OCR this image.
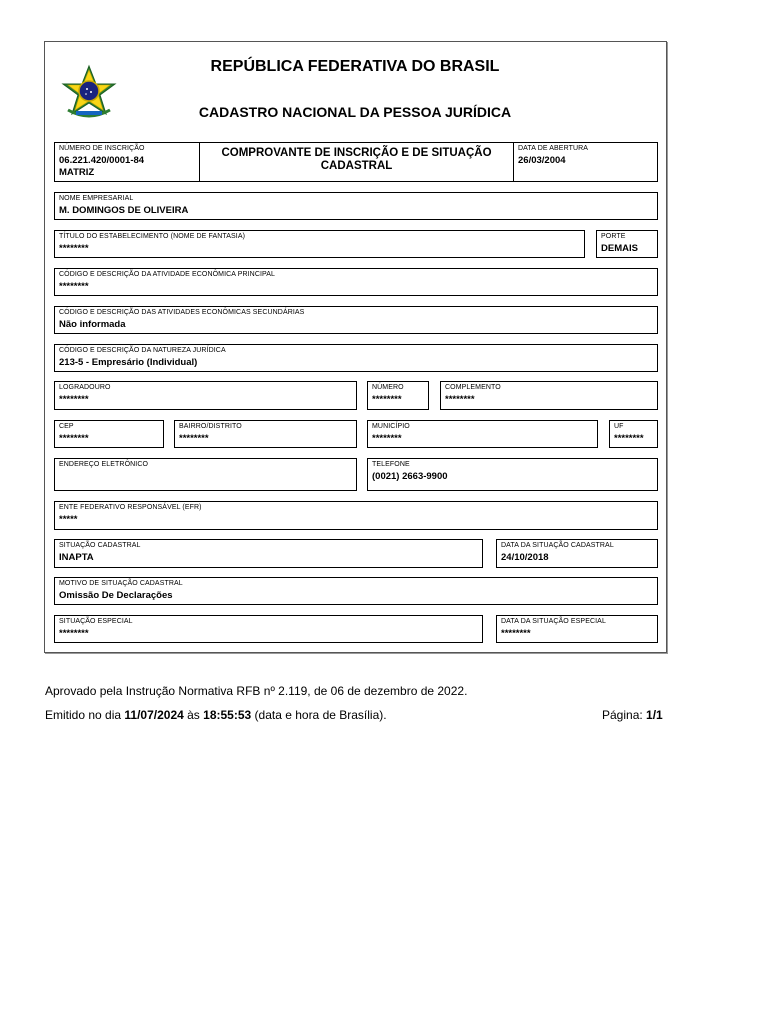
REPÚBLICA FEDERATIVA DO BRASIL
CADASTRO NACIONAL DA PESSOA JURÍDICA
NÚMERO DE INSCRIÇÃO
06.221.420/0001-84
MATRIZ
COMPROVANTE DE INSCRIÇÃO E DE SITUAÇÃO
CADASTRAL
DATA DE ABERTURA
26/03/2004
NOME EMPRESARIAL
M. DOMINGOS DE OLIVEIRA
TÍTULO DO ESTABELECIMENTO (NOME DE FANTASIA)
********
PORTE
DEMAIS
CÓDIGO E DESCRIÇÃO DA ATIVIDADE ECONÔMICA PRINCIPAL
********
CÓDIGO E DESCRIÇÃO DAS ATIVIDADES ECONÔMICAS SECUNDÁRIAS
Não informada
CÓDIGO E DESCRIÇÃO DA NATUREZA JURÍDICA
213-5 - Empresário (Individual)
LOGRADOURO
********
NÚMERO
********
COMPLEMENTO
********
CEP
********
BAIRRO/DISTRITO
********
MUNICÍPIO
********
UF
********
ENDEREÇO ELETRÔNICO	TELEFONE
(0021) 2663-9900
ENTE FEDERATIVO RESPONSÁVEL (EFR)
*****
SITUAÇÃO CADASTRAL
INAPTA
DATA DA SITUAÇÃO CADASTRAL
24/10/2018
MOTIVO DE SITUAÇÃO CADASTRAL
Omissão De Declarações
SITUAÇÃO ESPECIAL
********
DATA DA SITUAÇÃO ESPECIAL
********
Aprovado pela Instrução Normativa RFB nº 2.119, de 06 de dezembro de 2022.
Emitido no dia 11/07/2024 às 18:55:53 (data e hora de Brasília).	Página: 1/1
